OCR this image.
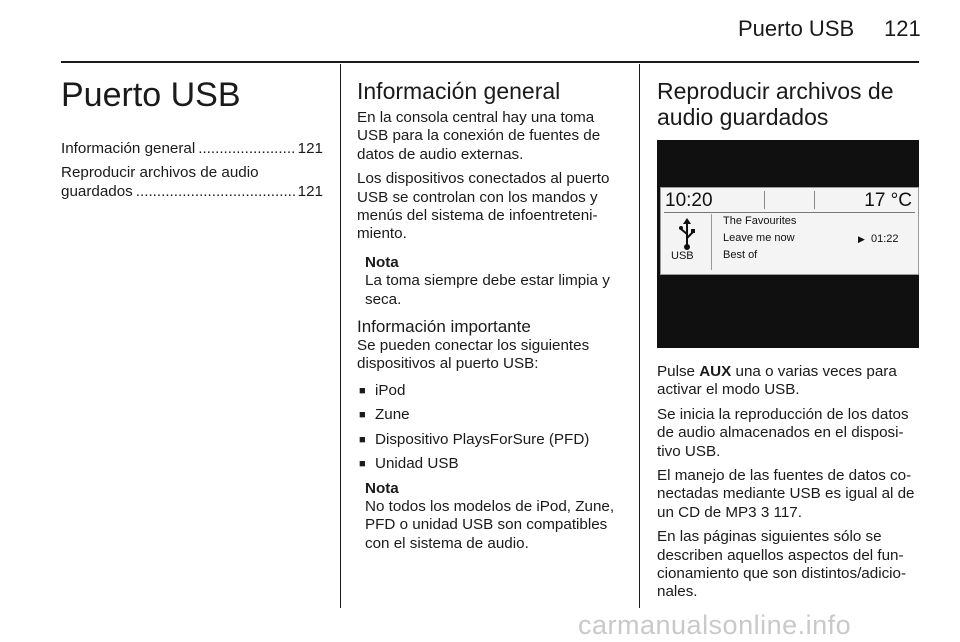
Puerto USB 121
Puerto USB
Información general .....	121
Reproducir archivos de audio
guardados .....	121
Información general

En la consola central hay una toma USB para la conexión de fuentes de datos de audio externas.

Los dispositivos conectados al puerto USB se controlan con los mandos y menús del sistema de infoentreteni-miento.

Nota
La toma siempre debe estar limpia y seca.
Información importante

Se pueden conectar los siguientes dispositivos al puerto USB:

■ iPod
■ Zune
■ Dispositivo PlaysForSure (PFD)
■ Unidad USB
Nota
No todos los modelos de iPod, Zune, PFD o unidad USB son compatibles con el sistema de audio.
Reproducir archivos de audio guardados
10:20	17 °C
USB
The Favourites
Leave me now
Best of
▶ 01:22

Pulse AUX una o varias veces para activar el modo USB.

Se inicia la reproducción de los datos de audio almacenados en el disposi-tivo USB.

El manejo de las fuentes de datos co-nectadas mediante USB es igual al de un CD de MP3 3 117.

En las páginas siguientes sólo se describen aquellos aspectos del fun-cionamiento que son distintos/adicio-nales.

carmanualsonline.info
